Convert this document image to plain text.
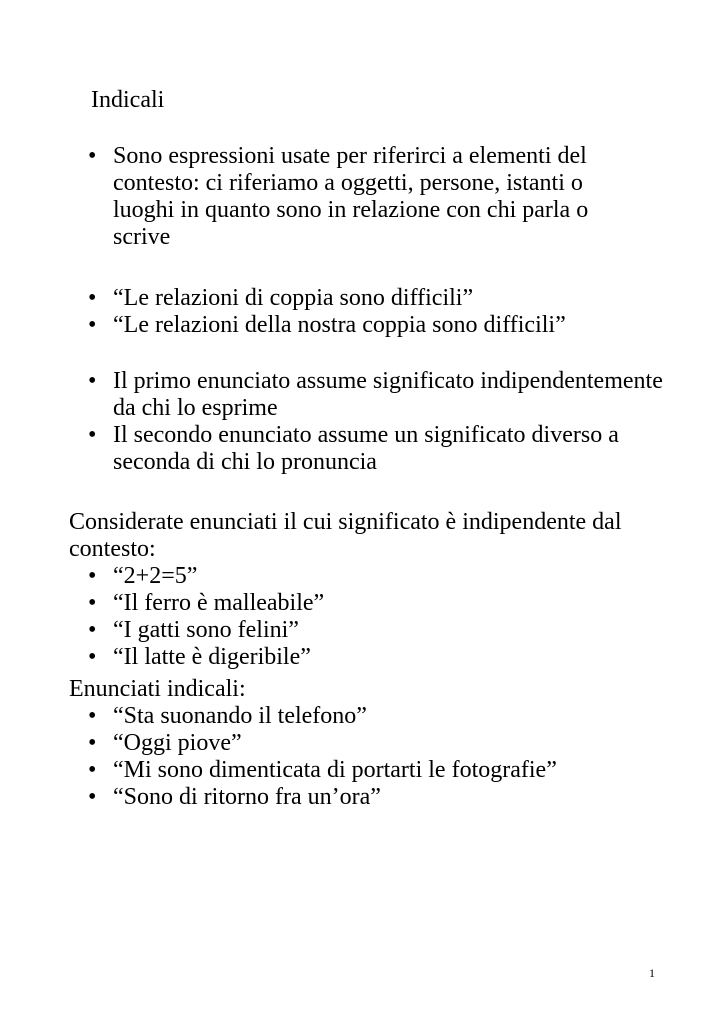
Indicali
• Sono espressioni usate per riferirci a elementi del contesto: ci riferiamo a oggetti, persone, istanti o luoghi in quanto sono in relazione con chi parla o scrive
• “Le relazioni di coppia sono difficili”
• “Le relazioni della nostra coppia sono difficili”
• Il primo enunciato assume significato indipendentemente da chi lo esprime
• Il secondo enunciato assume un significato diverso a seconda di chi lo pronuncia

Considerate enunciati il cui significato è indipendente dal contesto:

• “2+2=5”
• “Il ferro è malleabile”
• “I gatti sono felini”
• “Il latte è digeribile”

Enunciati indicali:

• “Sta suonando il telefono”
• “Oggi piove”
• “Mi sono dimenticata di portarti le fotografie”
• “Sono di ritorno fra un’ora”
1
